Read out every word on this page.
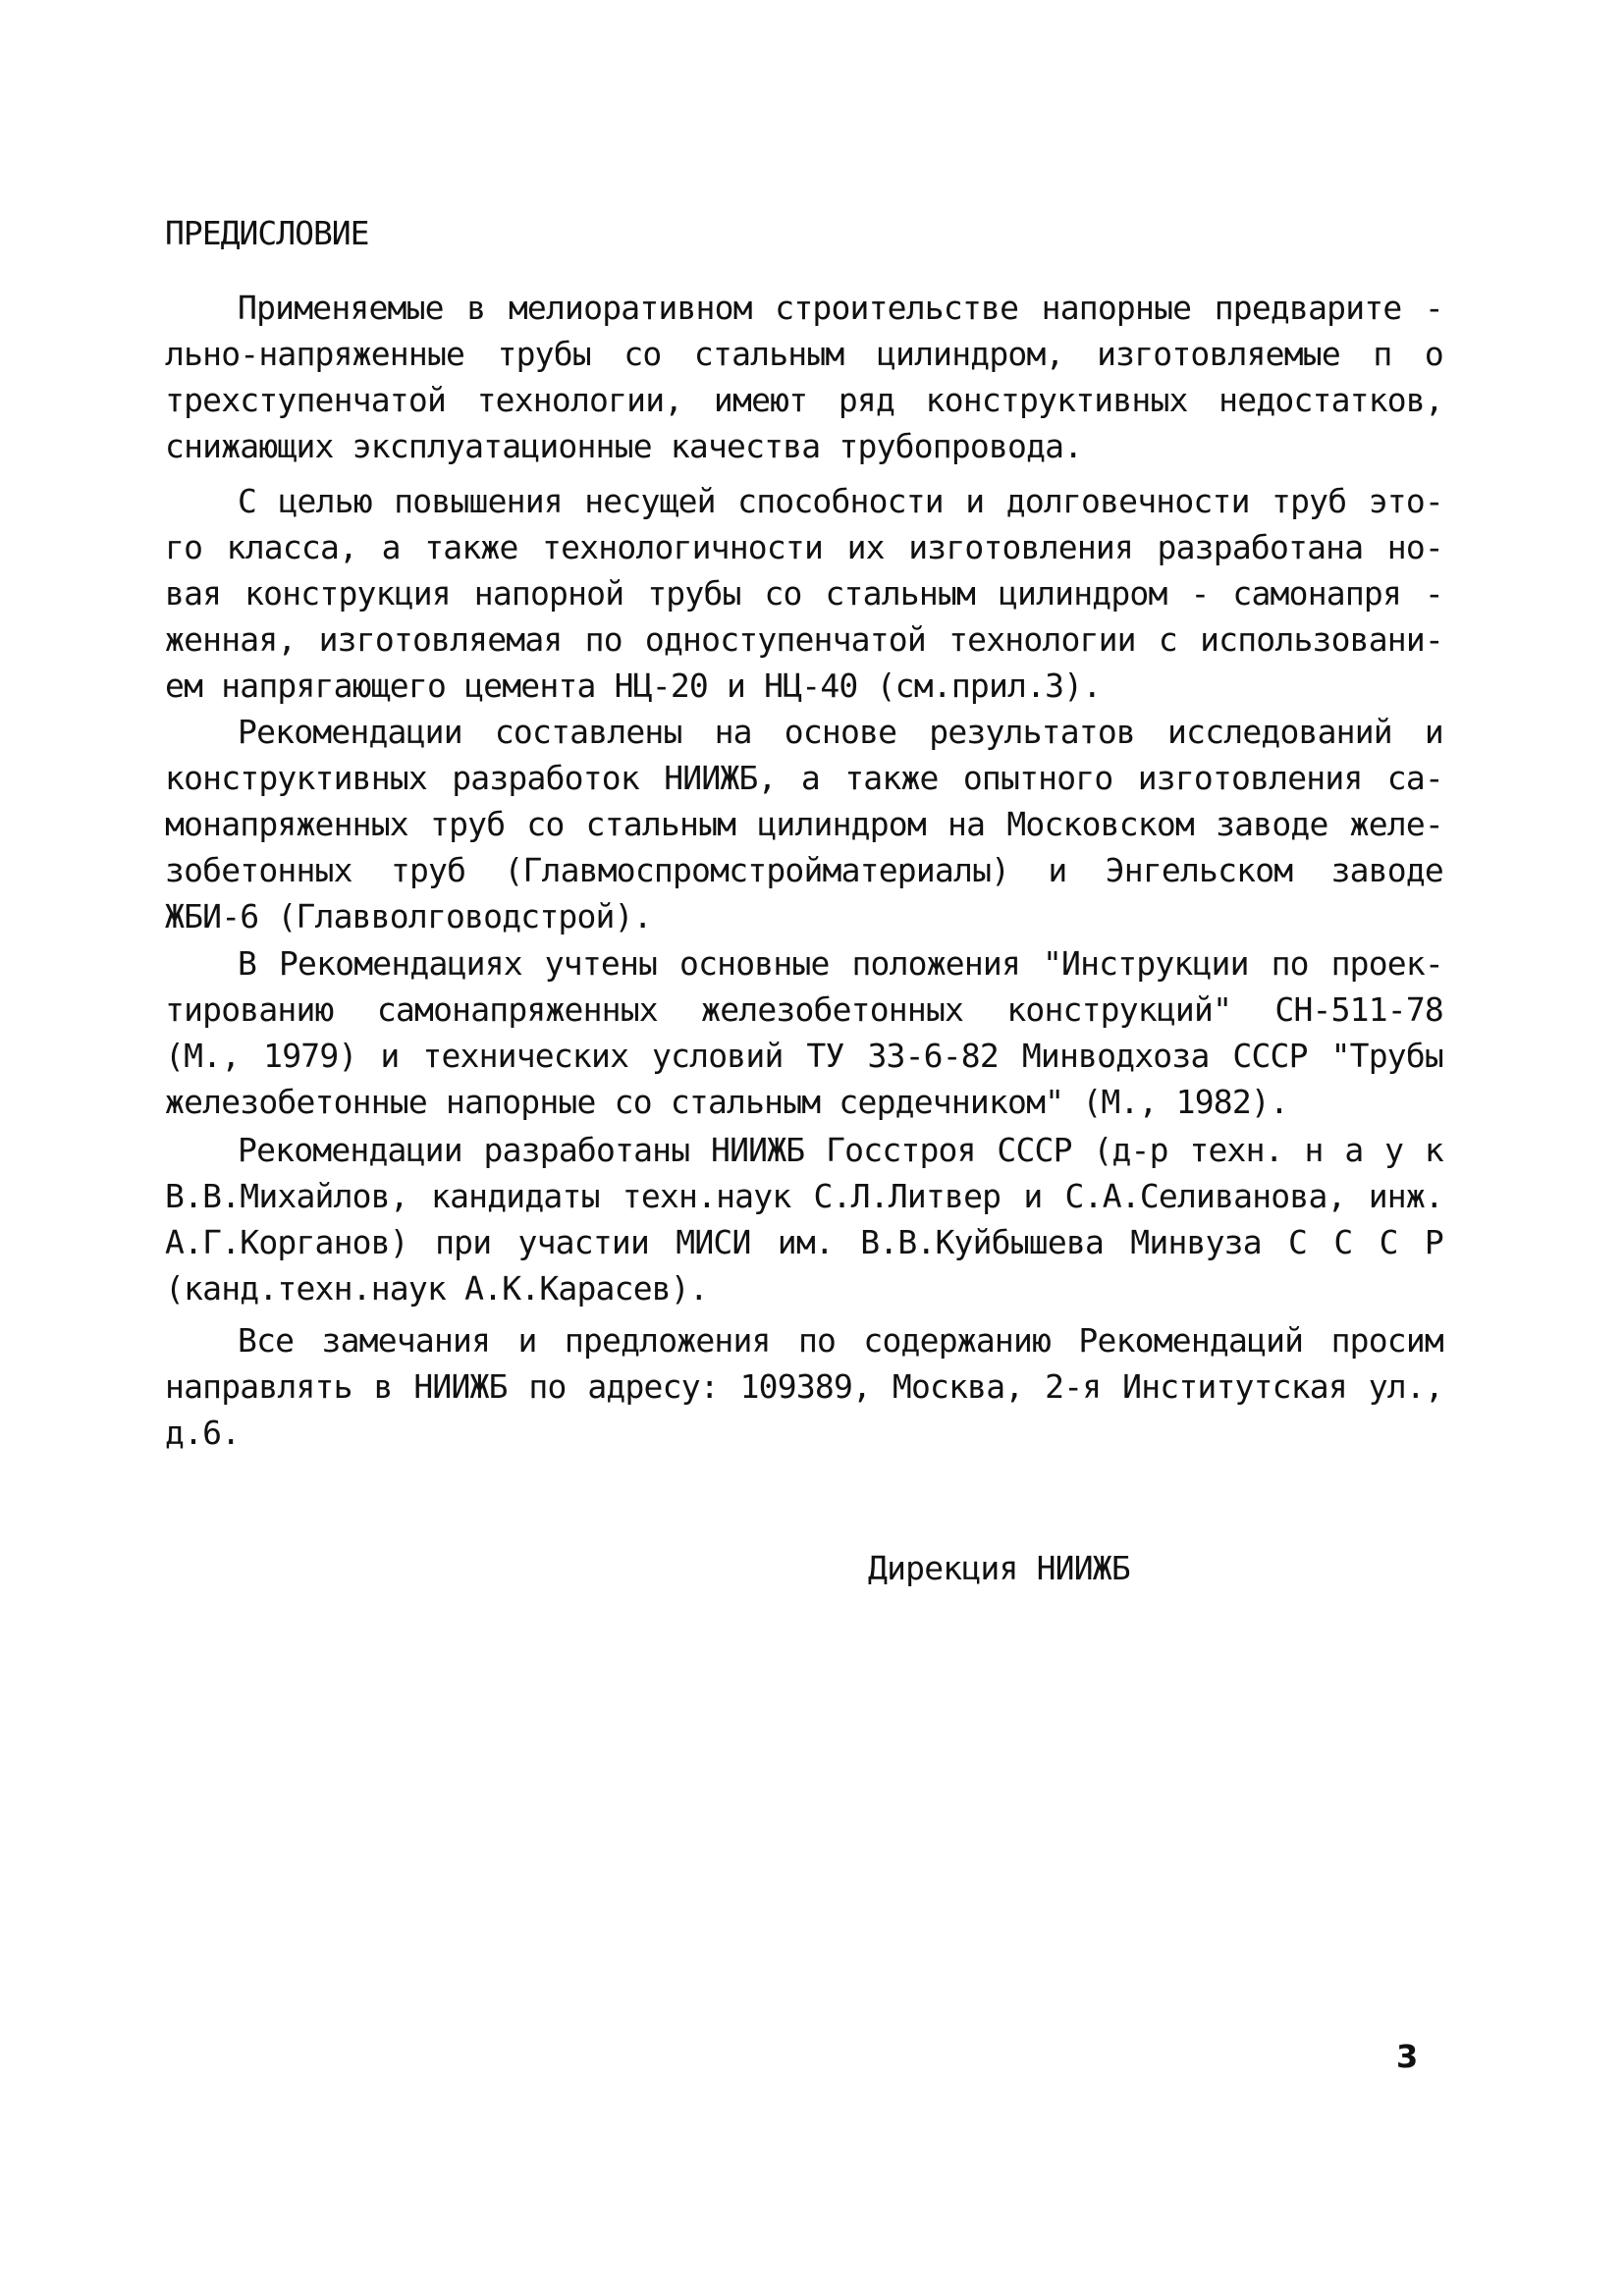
ПРЕДИСЛОВИЕ
Применяемые в мелиоративном строительстве напорные предварите -
льно-напряженные трубы со стальным цилиндром, изготовляемые п о
трехступенчатой технологии, имеют ряд конструктивных недостатков,
снижающих эксплуатационные качества трубопровода.
С целью повышения несущей способности и долговечности труб это-
го класса, а также технологичности их изготовления разработана но-
вая конструкция напорной трубы со стальным цилиндром - самонапря -
женная, изготовляемая по одноступенчатой технологии с использовани-
ем напрягающего цемента НЦ-20 и НЦ-40 (см.прил.3).
Рекомендации составлены на основе результатов исследований и
конструктивных разработок НИИЖБ, а также опытного изготовления са-
монапряженных труб со стальным цилиндром на Московском заводе желе-
зобетонных труб (Главмоспромстройматериалы) и Энгельском заводе
ЖБИ-6 (Главволговодстрой).
В Рекомендациях учтены основные положения "Инструкции по проек-
тированию самонапряженных железобетонных конструкций" СН-511-78
(М., 1979) и технических условий ТУ 33-6-82 Минводхоза СССР "Трубы
железобетонные напорные со стальным сердечником" (М., 1982).
Рекомендации разработаны НИИЖБ Госстроя СССР (д-р техн. н а у к
В.В.Михайлов, кандидаты техн.наук С.Л.Литвер и С.А.Селиванова, инж.
А.Г.Корганов) при участии МИСИ им. В.В.Куйбышева Минвуза С С С Р
(канд.техн.наук А.К.Карасев).
Все замечания и предложения по содержанию Рекомендаций просим
направлять в НИИЖБ по адресу: 109389, Москва, 2-я Институтская ул.,
д.6.
Дирекция НИИЖБ
3
